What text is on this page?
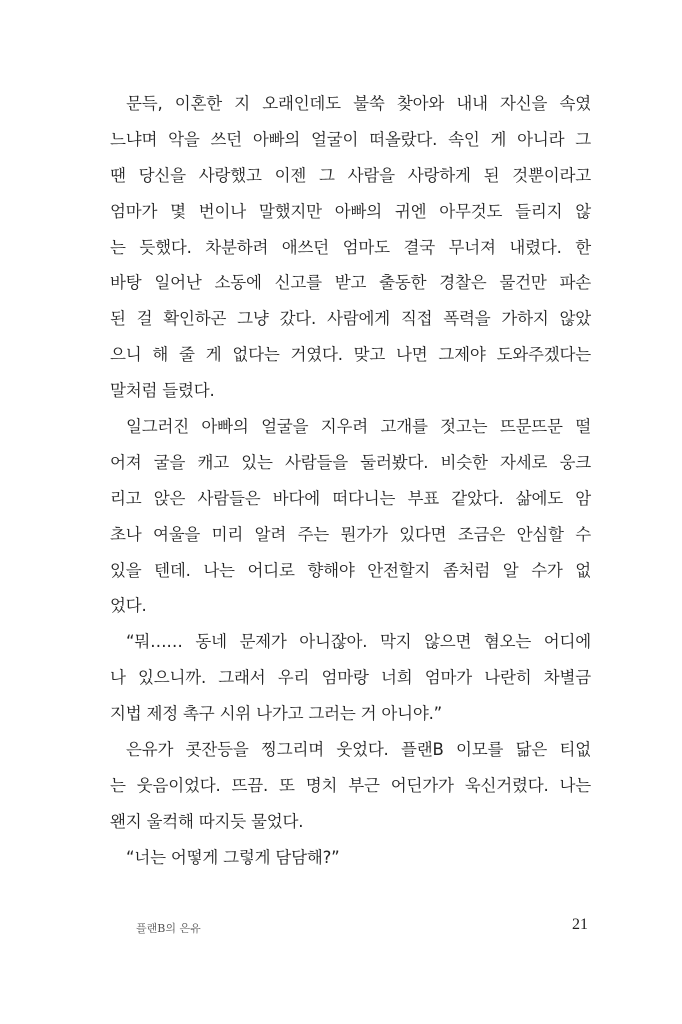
문득, 이혼한 지 오래인데도 불쑥 찾아와 내내 자신을 속였
느냐며 악을 쓰던 아빠의 얼굴이 떠올랐다. 속인 게 아니라 그
땐 당신을 사랑했고 이젠 그 사람을 사랑하게 된 것뿐이라고
엄마가 몇 번이나 말했지만 아빠의 귀엔 아무것도 들리지 않
는 듯했다. 차분하려 애쓰던 엄마도 결국 무너져 내렸다. 한
바탕 일어난 소동에 신고를 받고 출동한 경찰은 물건만 파손
된 걸 확인하곤 그냥 갔다. 사람에게 직접 폭력을 가하지 않았
으니 해 줄 게 없다는 거였다. 맞고 나면 그제야 도와주겠다는
말처럼 들렸다.
일그러진 아빠의 얼굴을 지우려 고개를 젓고는 뜨문뜨문 떨
어져 굴을 캐고 있는 사람들을 둘러봤다. 비슷한 자세로 웅크
리고 앉은 사람들은 바다에 떠다니는 부표 같았다. 삶에도 암
초나 여울을 미리 알려 주는 뭔가가 있다면 조금은 안심할 수
있을 텐데. 나는 어디로 향해야 안전할지 좀처럼 알 수가 없
었다.
“뭐…… 동네 문제가 아니잖아. 막지 않으면 혐오는 어디에
나 있으니까. 그래서 우리 엄마랑 너희 엄마가 나란히 차별금
지법 제정 촉구 시위 나가고 그러는 거 아니야.”
은유가 콧잔등을 찡그리며 웃었다. 플랜B 이모를 닮은 티없
는 웃음이었다. 뜨끔. 또 명치 부근 어딘가가 욱신거렸다. 나는
왠지 울컥해 따지듯 물었다.
“너는 어떻게 그렇게 담담해?”
플랜B의 은유	21
